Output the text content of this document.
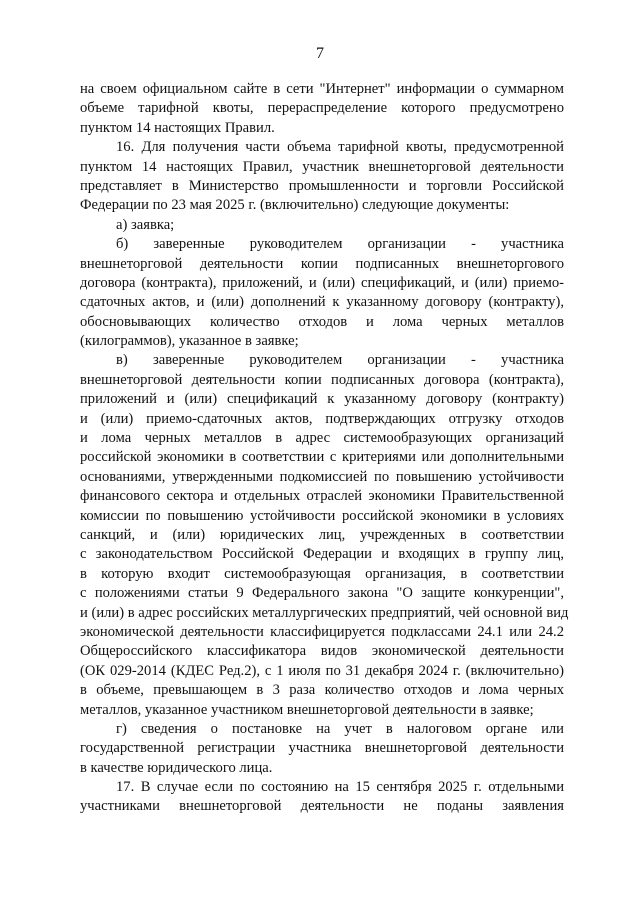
7
на своем официальном сайте в сети "Интернет" информации о суммарном
объеме тарифной квоты, перераспределение которого предусмотрено
пунктом 14 настоящих Правил.
16. Для получения части объема тарифной квоты, предусмотренной
пунктом 14 настоящих Правил, участник внешнеторговой деятельности
представляет в Министерство промышленности и торговли Российской
Федерации по 23 мая 2025 г. (включительно) следующие документы:
а) заявка;
б) заверенные руководителем организации - участника
внешнеторговой деятельности копии подписанных внешнеторгового
договора (контракта), приложений, и (или) спецификаций, и (или) приемо-
сдаточных актов, и (или) дополнений к указанному договору (контракту),
обосновывающих количество отходов и лома черных металлов
(килограммов), указанное в заявке;
в) заверенные руководителем организации - участника
внешнеторговой деятельности копии подписанных договора (контракта),
приложений и (или) спецификаций к указанному договору (контракту)
и (или) приемо-сдаточных актов, подтверждающих отгрузку отходов
и лома черных металлов в адрес системообразующих организаций
российской экономики в соответствии с критериями или дополнительными
основаниями, утвержденными подкомиссией по повышению устойчивости
финансового сектора и отдельных отраслей экономики Правительственной
комиссии по повышению устойчивости российской экономики в условиях
санкций, и (или) юридических лиц, учрежденных в соответствии
с законодательством Российской Федерации и входящих в группу лиц,
в которую входит системообразующая организация, в соответствии
с положениями статьи 9 Федерального закона "О защите конкуренции",
и (или) в адрес российских металлургических предприятий, чей основной вид
экономической деятельности классифицируется подклассами 24.1 или 24.2
Общероссийского классификатора видов экономической деятельности
(ОК 029-2014 (КДЕС Ред.2), с 1 июля по 31 декабря 2024 г. (включительно)
в объеме, превышающем в 3 раза количество отходов и лома черных
металлов, указанное участником внешнеторговой деятельности в заявке;
г) сведения о постановке на учет в налоговом органе или
государственной регистрации участника внешнеторговой деятельности
в качестве юридического лица.
17. В случае если по состоянию на 15 сентября 2025 г. отдельными
участниками внешнеторговой деятельности не поданы заявления
